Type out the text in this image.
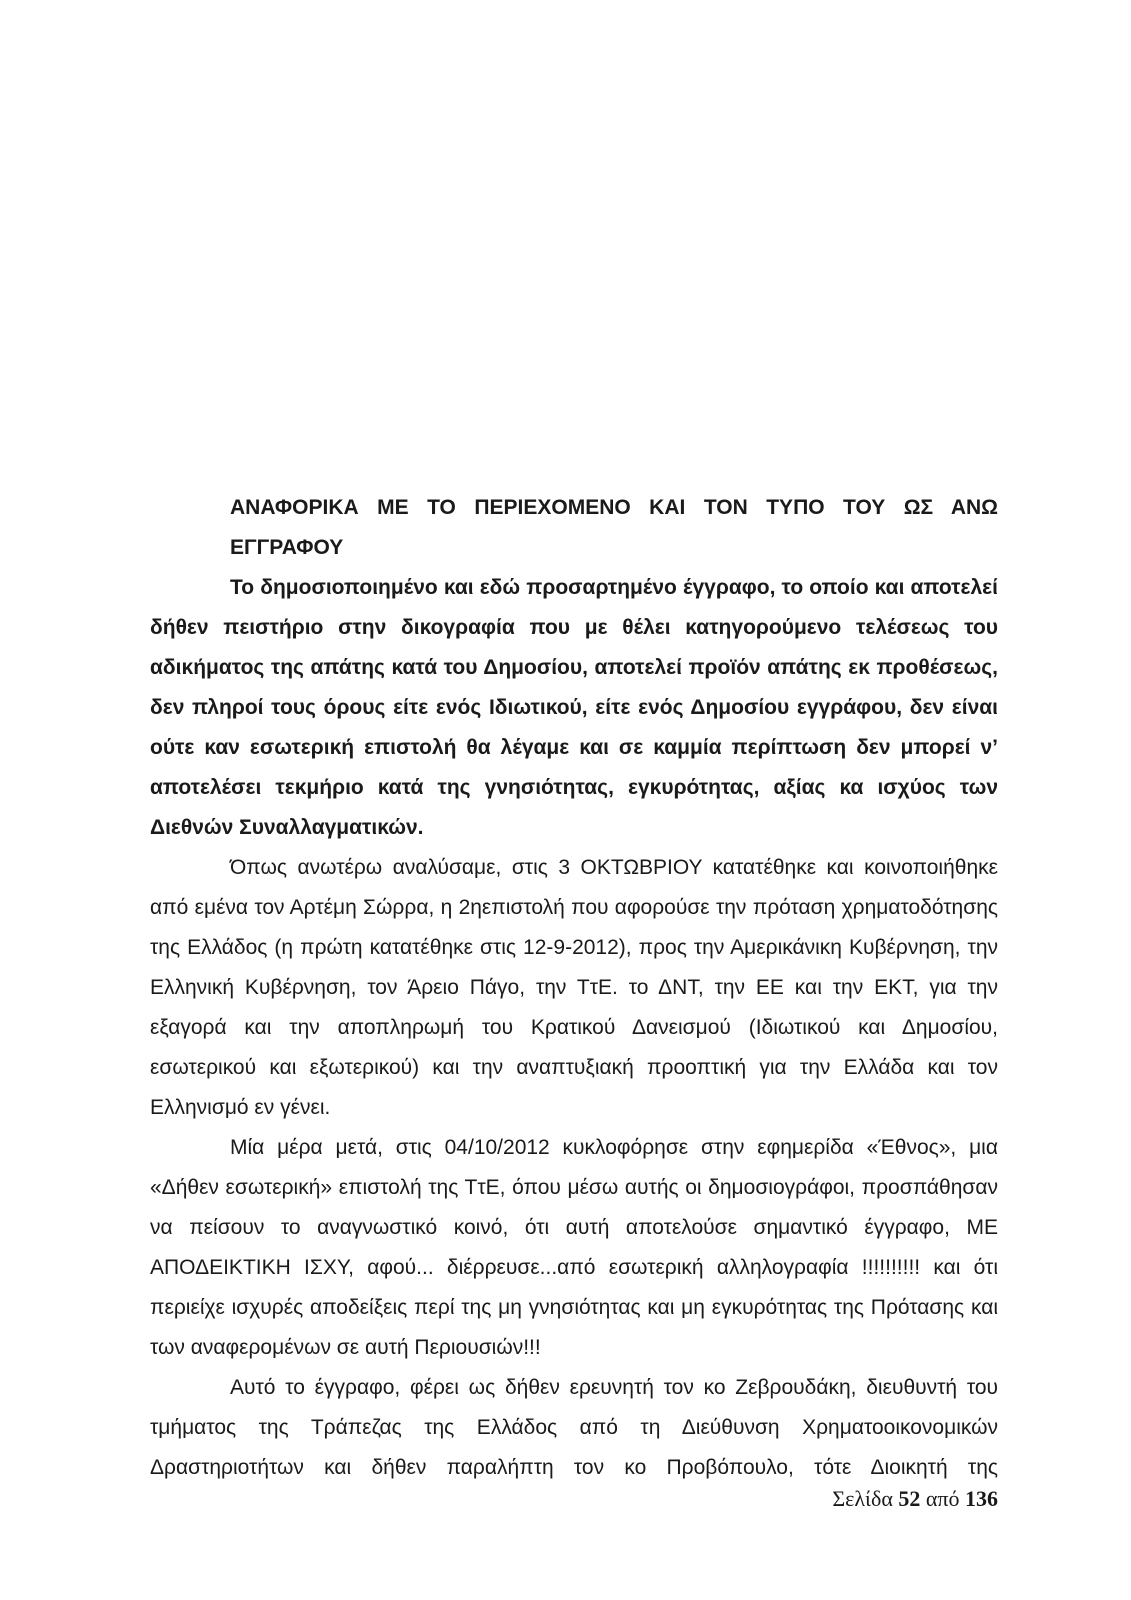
ΑΝΑΦΟΡΙΚΑ ΜΕ ΤΟ ΠΕΡΙΕΧΟΜΕΝΟ ΚΑΙ ΤΟΝ ΤΥΠΟ ΤΟΥ ΩΣ ΑΝΩ ΕΓΓΡΑΦΟΥ

Το δημοσιοποιημένο και εδώ προσαρτημένο έγγραφο, το οποίο και αποτελεί δήθεν πειστήριο στην δικογραφία που με θέλει κατηγορούμενο τελέσεως του αδικήματος της απάτης κατά του Δημοσίου, αποτελεί προϊόν απάτης εκ προθέσεως, δεν πληροί τους όρους είτε ενός Ιδιωτικού, είτε ενός Δημοσίου εγγράφου, δεν είναι ούτε καν εσωτερική επιστολή θα λέγαμε και σε καμμία περίπτωση δεν μπορεί ν’ αποτελέσει τεκμήριο κατά της γνησιότητας, εγκυρότητας, αξίας κα ισχύος των Διεθνών Συναλλαγματικών.

Όπως ανωτέρω αναλύσαμε, στις 3 ΟΚΤΩΒΡΙΟΥ κατατέθηκε και κοινοποιήθηκε από εμένα τον Αρτέμη Σώρρα, η 2ηεπιστολή που αφορούσε την πρόταση χρηματοδότησης της Ελλάδος (η πρώτη κατατέθηκε στις 12-9-2012), προς την Αμερικάνικη Κυβέρνηση, την Ελληνική Κυβέρνηση, τον Άρειο Πάγο, την ΤτΕ. το ΔΝΤ, την ΕΕ και την ΕΚΤ, για την εξαγορά και την αποπληρωμή του Κρατικού Δανεισμού (Ιδιωτικού και Δημοσίου, εσωτερικού και εξωτερικού) και την αναπτυξιακή προοπτική για την Ελλάδα και τον Ελληνισμό εν γένει.

Μία μέρα μετά, στις 04/10/2012 κυκλοφόρησε στην εφημερίδα «Έθνος», μια «Δήθεν εσωτερική» επιστολή της ΤτΕ, όπου μέσω αυτής οι δημοσιογράφοι, προσπάθησαν να πείσουν το αναγνωστικό κοινό, ότι αυτή αποτελούσε σημαντικό έγγραφο, ΜΕ ΑΠΟΔΕΙΚΤΙΚΗ ΙΣΧΥ, αφού... διέρρευσε...από εσωτερική αλληλογραφία !!!!!!!!!! και ότι περιείχε ισχυρές αποδείξεις περί της μη γνησιότητας και μη εγκυρότητας της Πρότασης και των αναφερομένων σε αυτή Περιουσιών!!!

Αυτό το έγγραφο, φέρει ως δήθεν ερευνητή τον κο Ζεβρουδάκη, διευθυντή του τμήματος της Τράπεζας της Ελλάδος από τη Διεύθυνση Χρηματοοικονομικών Δραστηριοτήτων και δήθεν παραλήπτη τον κο Προβόπουλο, τότε Διοικητή της

Σελίδα 52 από 136
